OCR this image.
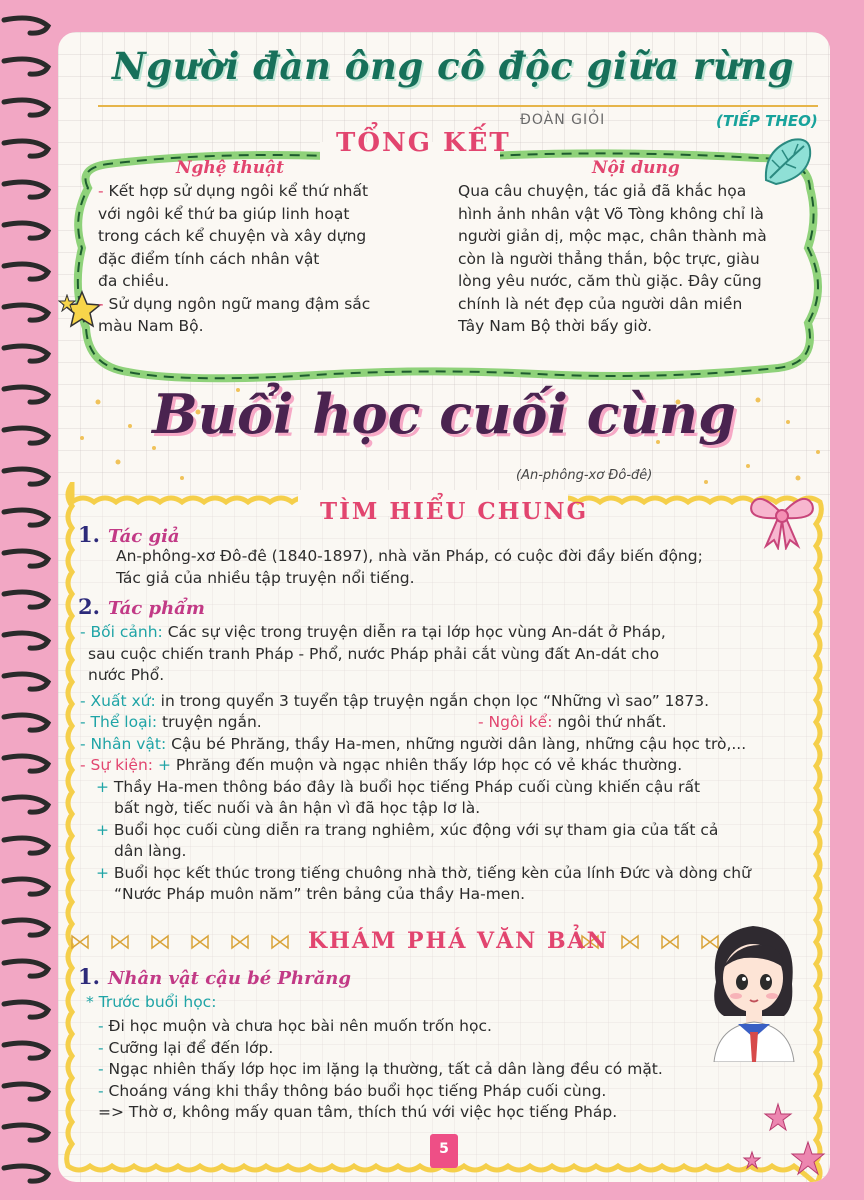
Người đàn ông cô độc giữa rừng
ĐOÀN GIỎI	(TIẾP THEO)
TỔNG KẾT
Nghệ thuật
- Kết hợp sử dụng ngôi kể thứ nhất
với ngôi kể thứ ba giúp linh hoạt
trong cách kể chuyện và xây dựng
đặc điểm tính cách nhân vật
đa chiều.
- Sử dụng ngôn ngữ mang đậm sắc
màu Nam Bộ.
Nội dung
Qua câu chuyện, tác giả đã khắc họa
hình ảnh nhân vật Võ Tòng không chỉ là
người giản dị, mộc mạc, chân thành mà
còn là người thẳng thắn, bộc trực, giàu
lòng yêu nước, căm thù giặc. Đây cũng
chính là nét đẹp của người dân miền
Tây Nam Bộ thời bấy giờ.
Buổi học cuối cùng
(An-phông-xơ Đô-đê)
TÌM HIỂU CHUNG
1. Tác giả
An-phông-xơ Đô-đê (1840-1897), nhà văn Pháp, có cuộc đời đầy biến động;
Tác giả của nhiều tập truyện nổi tiếng.
2. Tác phẩm
- Bối cảnh: Các sự việc trong truyện diễn ra tại lớp học vùng An-dát ở Pháp,
sau cuộc chiến tranh Pháp - Phổ, nước Pháp phải cắt vùng đất An-dát cho
nước Phổ.
- Xuất xứ: in trong quyển 3 tuyển tập truyện ngắn chọn lọc “Những vì sao” 1873.
- Thể loại: truyện ngắn.	- Ngôi kể: ngôi thứ nhất.
- Nhân vật: Cậu bé Phrăng, thầy Ha-men, những người dân làng, những cậu học trò,...
- Sự kiện: + Phrăng đến muộn và ngạc nhiên thấy lớp học có vẻ khác thường.
+ Thầy Ha-men thông báo đây là buổi học tiếng Pháp cuối cùng khiến cậu rất
bất ngờ, tiếc nuối và ân hận vì đã học tập lơ là.
+ Buổi học cuối cùng diễn ra trang nghiêm, xúc động với sự tham gia của tất cả
dân làng.
+ Buổi học kết thúc trong tiếng chuông nhà thờ, tiếng kèn của lính Đức và dòng chữ
“Nước Pháp muôn năm” trên bảng của thầy Ha-men.
KHÁM PHÁ VĂN BẢN
1. Nhân vật cậu bé Phrăng
* Trước buổi học:
- Đi học muộn và chưa học bài nên muốn trốn học.
- Cưỡng lại để đến lớp.
- Ngạc nhiên thấy lớp học im lặng lạ thường, tất cả dân làng đều có mặt.
- Choáng váng khi thầy thông báo buổi học tiếng Pháp cuối cùng.
=> Thờ ơ, không mấy quan tâm, thích thú với việc học tiếng Pháp.
5
